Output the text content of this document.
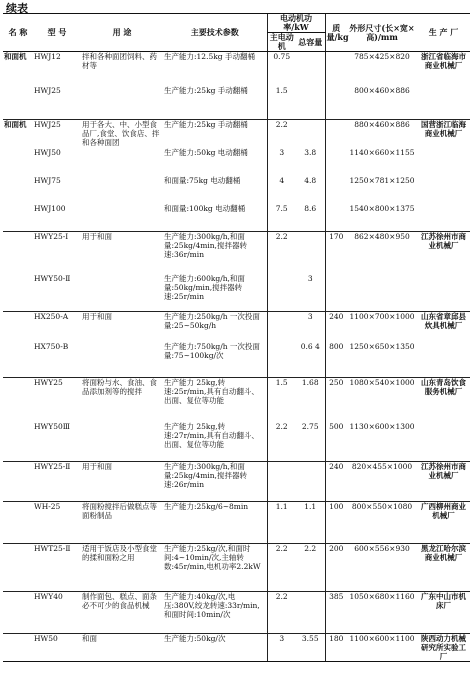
续表
名 称	型 号	用 途	主要技术参数	电动机功率/kW		质量/kg	外形尺寸(长×宽×高)/mm	生 产 厂
				主电动机	总容量			
和面机	HWJ12	拌和各种面团饲料、药材等	生产能力:12.5kg 手动翻桶	0.75			785×425×820	浙江省临海市商业机械厂
	HWJ25		生产能力:25kg 手动翻桶	1.5			800×460×886	
和面机	HWJ25	用于各大、中、小型食品厂,食堂、饮食店、拌和各种面团	生产能力:25kg 手动翻桶	2.2			880×460×886	国营浙江临海商业机械厂
	HWJ50		生产能力:50kg 电动翻桶	3	3.8		1140×660×1155	
	HWJ75		和面量:75kg 电动翻桶	4	4.8		1250×781×1250	
	HWJ100		和面量:100kg 电动翻桶	7.5	8.6		1540×800×1375	
	HWY25-Ⅰ	用于和面	生产能力:300kg/h,和面量:25kg/4min,搅拌器转速:36r/min	2.2		170	862×480×950	江苏徐州市商业机械厂
	HWY50-Ⅱ		生产能力:600kg/h,和面量:50kg/min,搅拌器转速:25r/min		3			
	HX250-A	用于和面	生产能力:250kg/h 一次投面量:25~50kg/h		3	240	1100×700×1000	山东省章邱县炊具机械厂
	HX750-B		生产能力:750kg/h 一次投面量:75~100kg/次		0.6 4	800	1250×650×1350	
	HWY25	将面粉与水、食油、食品添加剂等的搅拌	生产能力 25kg,转速:25r/min,具有自动翻斗、出面、复位等功能	1.5	1.68	250	1080×540×1000	山东青岛饮食服务机械厂
	HWY50Ⅲ		生产能力 25kg,转速:27r/min,具有自动翻斗、出面、复位等功能	2.2	2.75	500	1130×600×1300	
	HWY25-Ⅱ	用于和面	生产能力:300kg/h,和面量:25kg/4min,搅拌器转速:26r/min			240	820×455×1000	江苏徐州市商业机械厂
	WH-25	将面粉搅拌后做糕点等面粉制品	生产能力:25kg/6~8min	1.1	1.1	100	800×550×1080	广西柳州商业机械厂
	HWT25-Ⅱ	适用于饭店及小型食堂的揉和面粉之用	生产能力:25kg/次,和面时间:4~10min/次,主轴转数:45r/min,电机功率2.2kW	2.2	2.2	200	600×556×930	黑龙江哈尔滨商业机械厂
	HWY40	制作面包、糕点、面条必不可少的食品机械	生产能力:40kg/次,电压:380V,绞龙转速:33r/min,和面时间:10min/次	2.2		385	1050×680×1160	广东中山市机床厂
	HW50	和面	生产能力:50kg/次	3	3.55	180	1100×600×1100	陕西动力机械研究所实验工厂
